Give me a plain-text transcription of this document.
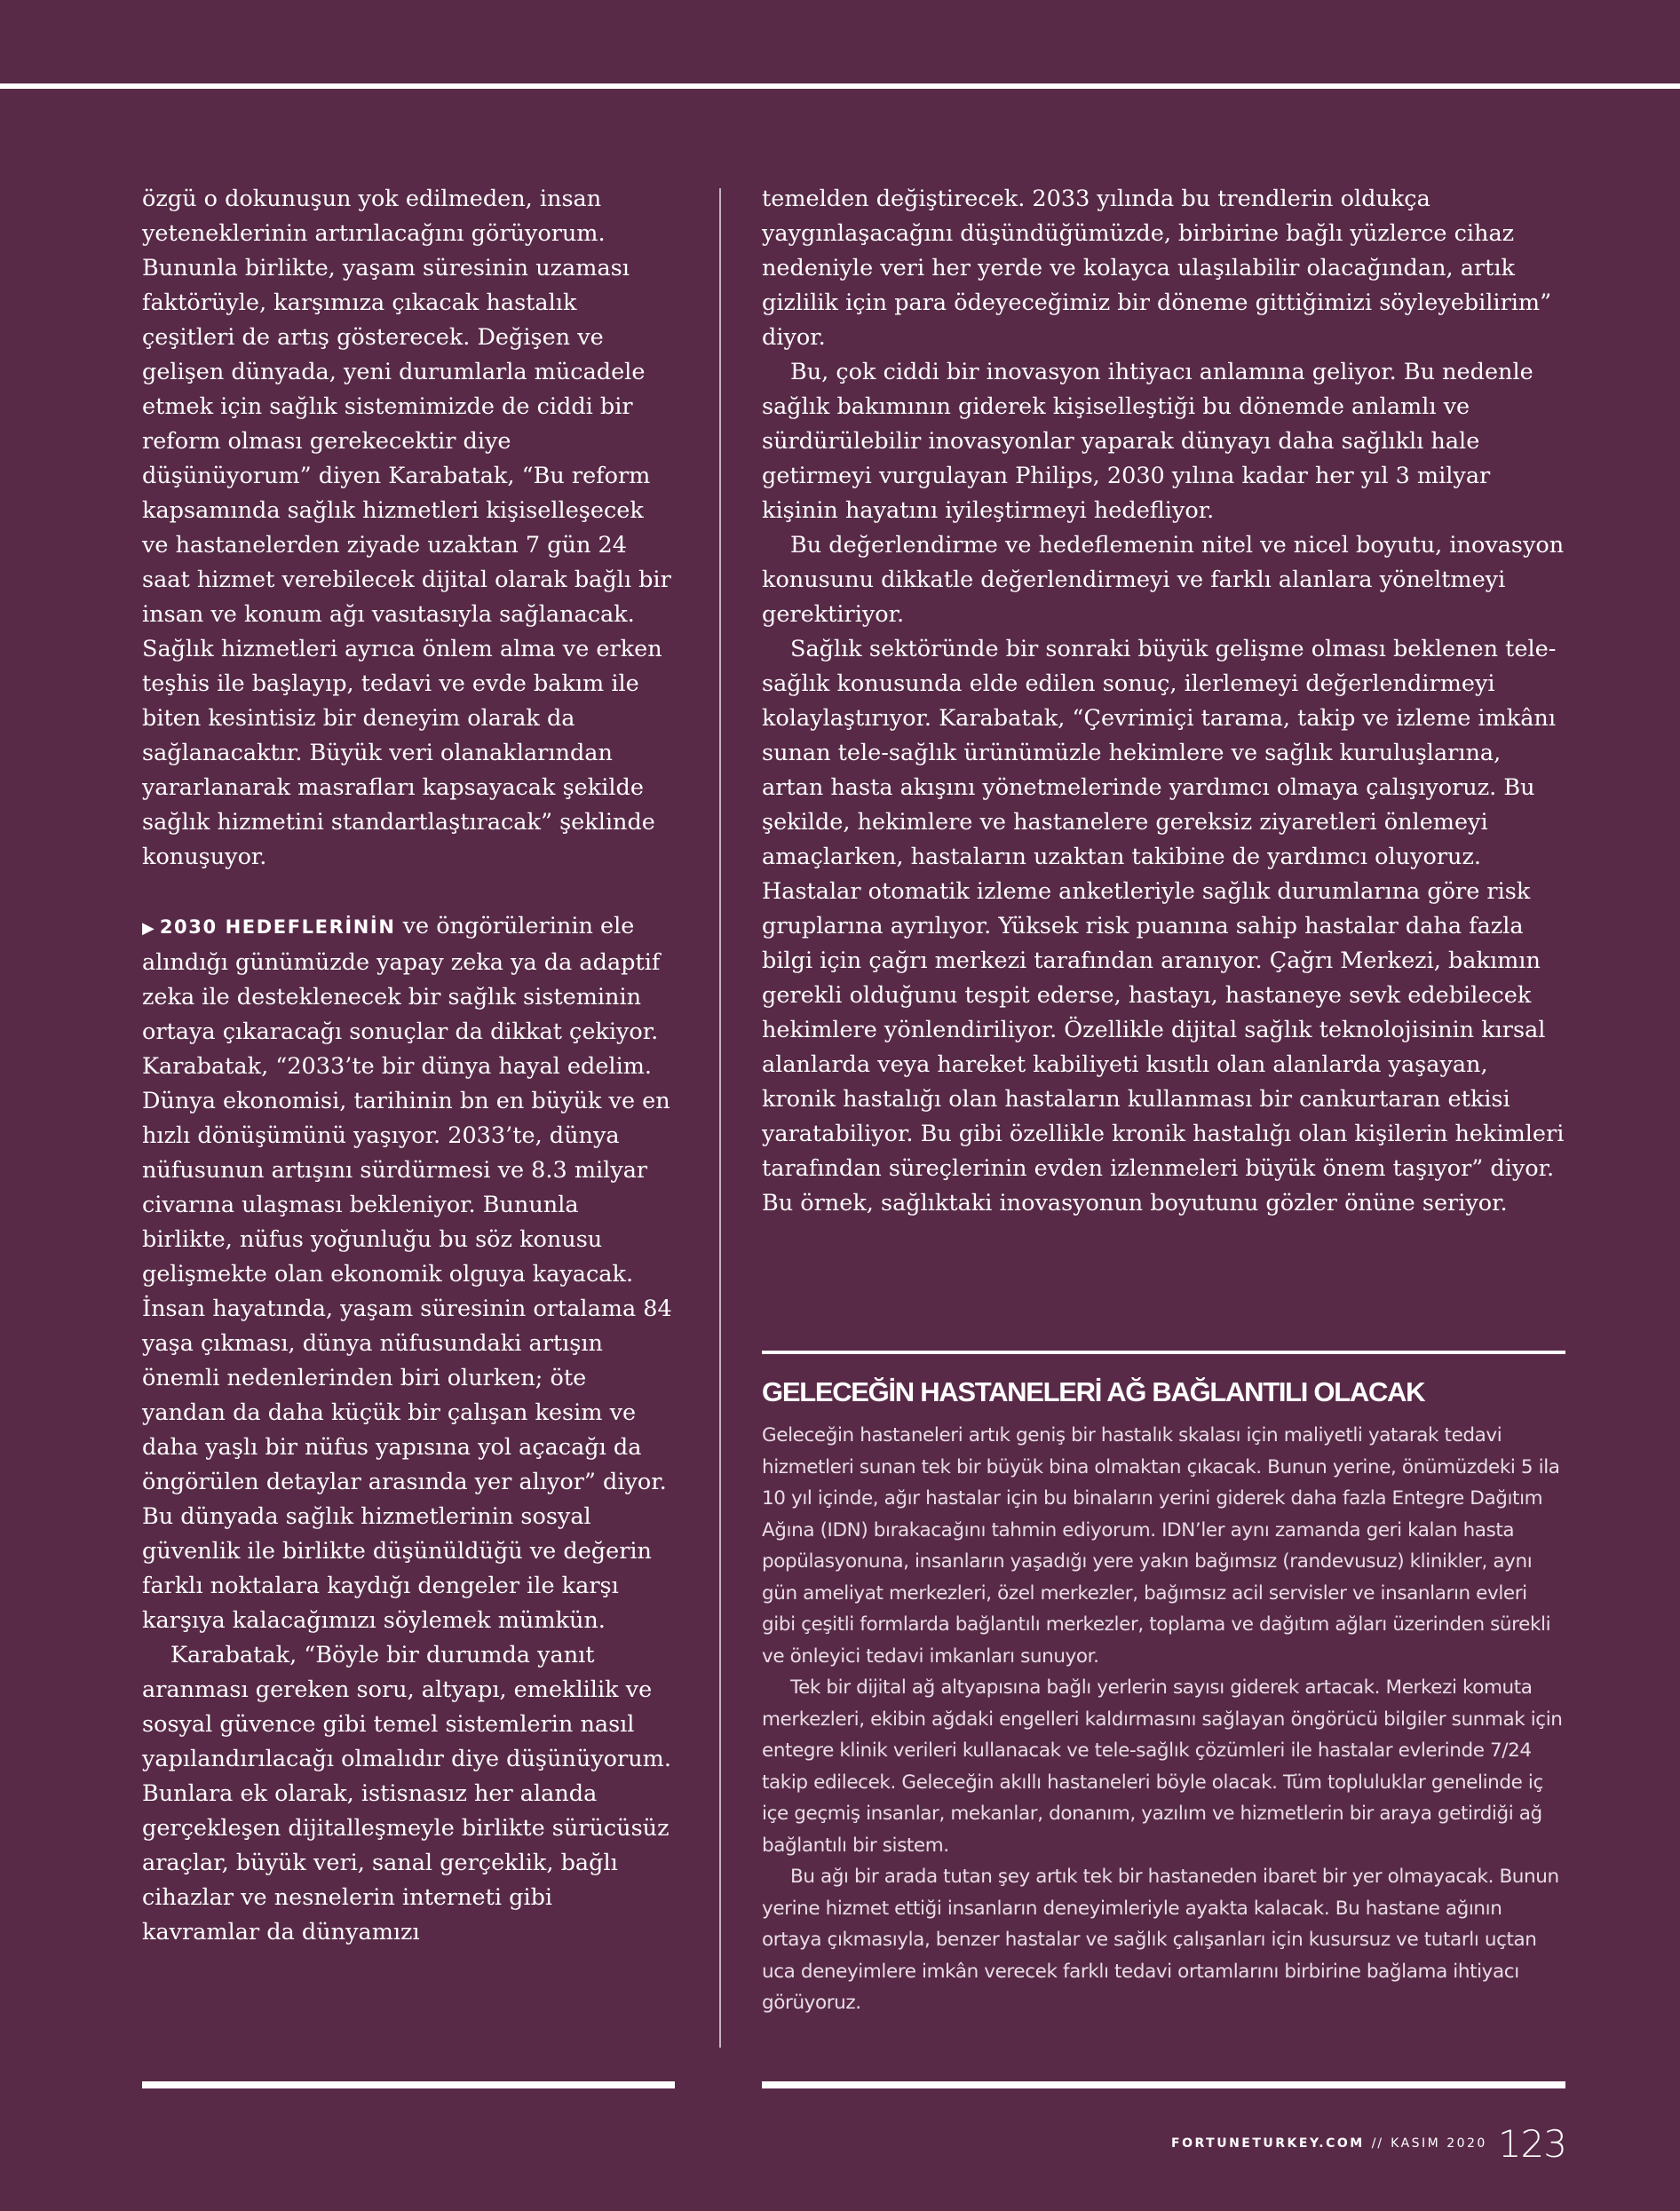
özgü o dokunuşun yok edilmeden, insan yeteneklerinin artırılacağını görüyorum. Bununla birlikte, yaşam süresinin uzaması faktörüyle, karşımıza çıkacak hastalık çeşitleri de artış gösterecek. Değişen ve gelişen dünyada, yeni durumlarla mücadele etmek için sağlık sistemimizde de ciddi bir reform olması gerekecektir diye düşünüyorum” diyen Karabatak, “Bu reform kapsamında sağlık hizmetleri kişiselleşecek ve hastanelerden ziyade uzaktan 7 gün 24 saat hizmet verebilecek dijital olarak bağlı bir insan ve konum ağı vasıtasıyla sağlanacak. Sağlık hizmetleri ayrıca önlem alma ve erken teşhis ile başlayıp, tedavi ve evde bakım ile biten kesintisiz bir deneyim olarak da sağlanacaktır. Büyük veri olanaklarından yararlanarak masrafları kapsayacak şekilde sağlık hizmetini standartlaştıracak” şeklinde konuşuyor.

▶ 2030 HEDEFLERİNİN ve öngörülerinin ele alındığı günümüzde yapay zeka ya da adaptif zeka ile desteklenecek bir sağlık sisteminin ortaya çıkaracağı sonuçlar da dikkat çekiyor. Karabatak, “2033’te bir dünya hayal edelim. Dünya ekonomisi, tarihinin bn en büyük ve en hızlı dönüşümünü yaşıyor. 2033’te, dünya nüfusunun artışını sürdürmesi ve 8.3 milyar civarına ulaşması bekleniyor. Bununla birlikte, nüfus yoğunluğu bu söz konusu gelişmekte olan ekonomik olguya kayacak. İnsan hayatında, yaşam süresinin ortalama 84 yaşa çıkması, dünya nüfusundaki artışın önemli nedenlerinden biri olurken; öte yandan da daha küçük bir çalışan kesim ve daha yaşlı bir nüfus yapısına yol açacağı da öngörülen detaylar arasında yer alıyor” diyor. Bu dünyada sağlık hizmetlerinin sosyal güvenlik ile birlikte düşünüldüğü ve değerin farklı noktalara kaydığı dengeler ile karşı karşıya kalacağımızı söylemek mümkün.

Karabatak, “Böyle bir durumda yanıt aranması gereken soru, altyapı, emeklilik ve sosyal güvence gibi temel sistemlerin nasıl yapılandırılacağı olmalıdır diye düşünüyorum. Bunlara ek olarak, istisnasız her alanda gerçekleşen dijitalleşmeyle birlikte sürücüsüz araçlar, büyük veri, sanal gerçeklik, bağlı cihazlar ve nesnelerin interneti gibi kavramlar da dünyamızı

temelden değiştirecek. 2033 yılında bu trendlerin oldukça yaygınlaşacağını düşündüğümüzde, birbirine bağlı yüzlerce cihaz nedeniyle veri her yerde ve kolayca ulaşılabilir olacağından, artık gizlilik için para ödeyeceğimiz bir döneme gittiğimizi söyleyebilirim” diyor.

Bu, çok ciddi bir inovasyon ihtiyacı anlamına geliyor. Bu nedenle sağlık bakımının giderek kişiselleştiği bu dönemde anlamlı ve sürdürülebilir inovasyonlar yaparak dünyayı daha sağlıklı hale getirmeyi vurgulayan Philips, 2030 yılına kadar her yıl 3 milyar kişinin hayatını iyileştirmeyi hedefliyor.

Bu değerlendirme ve hedeflemenin nitel ve nicel boyutu, inovasyon konusunu dikkatle değerlendirmeyi ve farklı alanlara yöneltmeyi gerektiriyor.

Sağlık sektöründe bir sonraki büyük gelişme olması beklenen tele-sağlık konusunda elde edilen sonuç, ilerlemeyi değerlendirmeyi kolaylaştırıyor. Karabatak, “Çevrimiçi tarama, takip ve izleme imkânı sunan tele-sağlık ürünümüzle hekimlere ve sağlık kuruluşlarına, artan hasta akışını yönetmelerinde yardımcı olmaya çalışıyoruz. Bu şekilde, hekimlere ve hastanelere gereksiz ziyaretleri önlemeyi amaçlarken, hastaların uzaktan takibine de yardımcı oluyoruz. Hastalar otomatik izleme anketleriyle sağlık durumlarına göre risk gruplarına ayrılıyor. Yüksek risk puanına sahip hastalar daha fazla bilgi için çağrı merkezi tarafından aranıyor. Çağrı Merkezi, bakımın gerekli olduğunu tespit ederse, hastayı, hastaneye sevk edebilecek hekimlere yönlendiriliyor. Özellikle dijital sağlık teknolojisinin kırsal alanlarda veya hareket kabiliyeti kısıtlı olan alanlarda yaşayan, kronik hastalığı olan hastaların kullanması bir cankurtaran etkisi yaratabiliyor. Bu gibi özellikle kronik hastalığı olan kişilerin hekimleri tarafından süreçlerinin evden izlenmeleri büyük önem taşıyor” diyor. Bu örnek, sağlıktaki inovasyonun boyutunu gözler önüne seriyor.

GELECEĞİN HASTANELERİ AĞ BAĞLANTILI OLACAK

Geleceğin hastaneleri artık geniş bir hastalık skalası için maliyetli yatarak tedavi hizmetleri sunan tek bir büyük bina olmaktan çıkacak. Bunun yerine, önümüzdeki 5 ila 10 yıl içinde, ağır hastalar için bu binaların yerini giderek daha fazla Entegre Dağıtım Ağına (IDN) bırakacağını tahmin ediyorum. IDN’ler aynı zamanda geri kalan hasta popülasyonuna, insanların yaşadığı yere yakın bağımsız (randevusuz) klinikler, aynı gün ameliyat merkezleri, özel merkezler, bağımsız acil servisler ve insanların evleri gibi çeşitli formlarda bağlantılı merkezler, toplama ve dağıtım ağları üzerinden sürekli ve önleyici tedavi imkanları sunuyor.

Tek bir dijital ağ altyapısına bağlı yerlerin sayısı giderek artacak. Merkezi komuta merkezleri, ekibin ağdaki engelleri kaldırmasını sağlayan öngörücü bilgiler sunmak için entegre klinik verileri kullanacak ve tele-sağlık çözümleri ile hastalar evlerinde 7/24 takip edilecek. Geleceğin akıllı hastaneleri böyle olacak. Tüm topluluklar genelinde iç içe geçmiş insanlar, mekanlar, donanım, yazılım ve hizmetlerin bir araya getirdiği ağ bağlantılı bir sistem.

Bu ağı bir arada tutan şey artık tek bir hastaneden ibaret bir yer olmayacak. Bunun yerine hizmet ettiği insanların deneyimleriyle ayakta kalacak. Bu hastane ağının ortaya çıkmasıyla, benzer hastalar ve sağlık çalışanları için kusursuz ve tutarlı uçtan uca deneyimlere imkân verecek farklı tedavi ortamlarını birbirine bağlama ihtiyacı görüyoruz.

FORTUNETURKEY.COM // KASIM 2020 123
